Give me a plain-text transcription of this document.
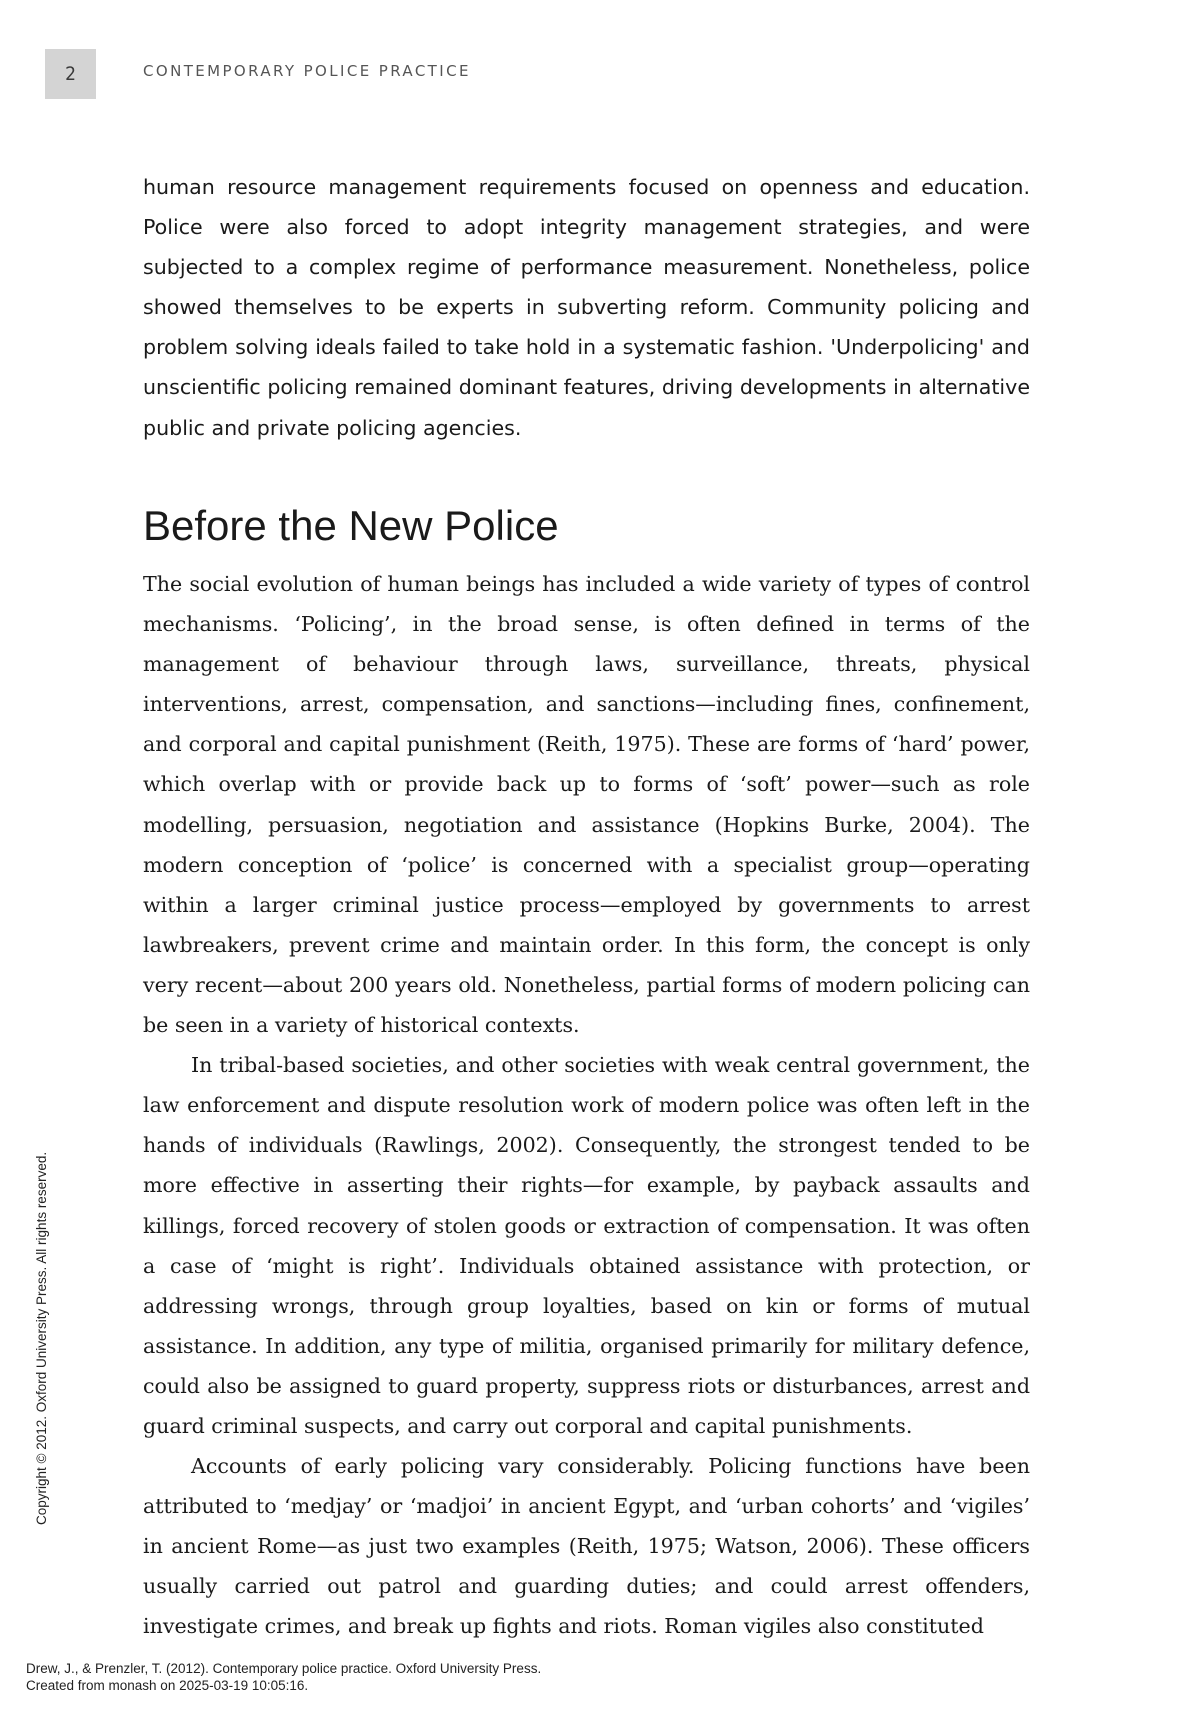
2	CONTEMPORARY POLICE PRACTICE

human resource management requirements focused on openness and education. Police were also forced to adopt integrity management strategies, and were subjected to a complex regime of performance measurement. Nonetheless, police showed themselves to be experts in subverting reform. Community policing and problem solving ideals failed to take hold in a systematic fashion. 'Underpolicing' and unscientific policing remained dominant features, driving developments in alternative public and private policing agencies.

Before the New Police

The social evolution of human beings has included a wide variety of types of control mechanisms. ‘Policing’, in the broad sense, is often defined in terms of the management of behaviour through laws, surveillance, threats, physical interventions, arrest, compensation, and sanctions—including fines, confinement, and corporal and capital punishment (Reith, 1975). These are forms of ‘hard’ power, which overlap with or provide back up to forms of ‘soft’ power—such as role modelling, persuasion, negotiation and assistance (Hopkins Burke, 2004). The modern conception of ‘police’ is concerned with a specialist group—operating within a larger criminal justice process—employed by governments to arrest lawbreakers, prevent crime and maintain order. In this form, the concept is only very recent—about 200 years old. Nonetheless, partial forms of modern policing can be seen in a variety of historical contexts.

In tribal-based societies, and other societies with weak central government, the law enforcement and dispute resolution work of modern police was often left in the hands of individuals (Rawlings, 2002). Consequently, the strongest tended to be more effective in asserting their rights—for example, by payback assaults and killings, forced recovery of stolen goods or extraction of compensation. It was often a case of ‘might is right’. Individuals obtained assistance with protection, or addressing wrongs, through group loyalties, based on kin or forms of mutual assistance. In addition, any type of militia, organised primarily for military defence, could also be assigned to guard property, suppress riots or disturbances, arrest and guard criminal suspects, and carry out corporal and capital punishments.

Accounts of early policing vary considerably. Policing functions have been attributed to ‘medjay’ or ‘madjoi’ in ancient Egypt, and ‘urban cohorts’ and ‘vigiles’ in ancient Rome—as just two examples (Reith, 1975; Watson, 2006). These officers usually carried out patrol and guarding duties; and could arrest offenders, investigate crimes, and break up fights and riots. Roman vigiles also constituted

Copyright © 2012. Oxford University Press. All rights reserved.
Drew, J., & Prenzler, T. (2012). Contemporary police practice. Oxford University Press.
Created from monash on 2025-03-19 10:05:16.
